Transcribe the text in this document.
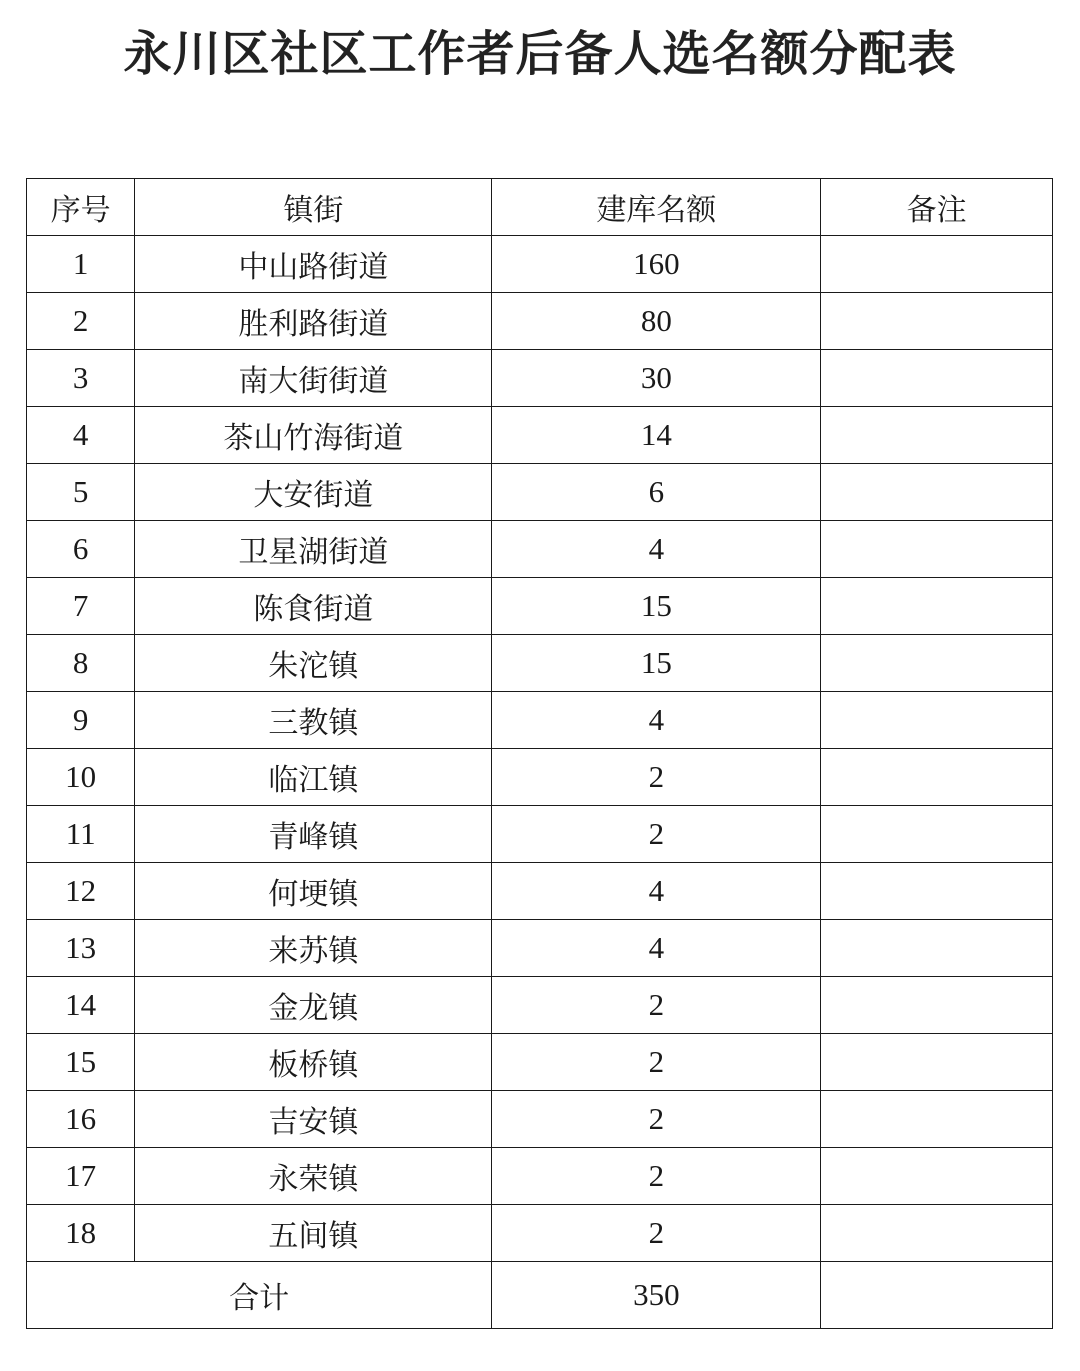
永川区社区工作者后备人选名额分配表
序号	镇街	建库名额	备注
1	中山路街道	160	
2	胜利路街道	80	
3	南大街街道	30	
4	茶山竹海街道	14	
5	大安街道	6	
6	卫星湖街道	4	
7	陈食街道	15	
8	朱沱镇	15	
9	三教镇	4	
10	临江镇	2	
11	青峰镇	2	
12	何埂镇	4	
13	来苏镇	4	
14	金龙镇	2	
15	板桥镇	2	
16	吉安镇	2	
17	永荣镇	2	
18	五间镇	2	
合计		350	
